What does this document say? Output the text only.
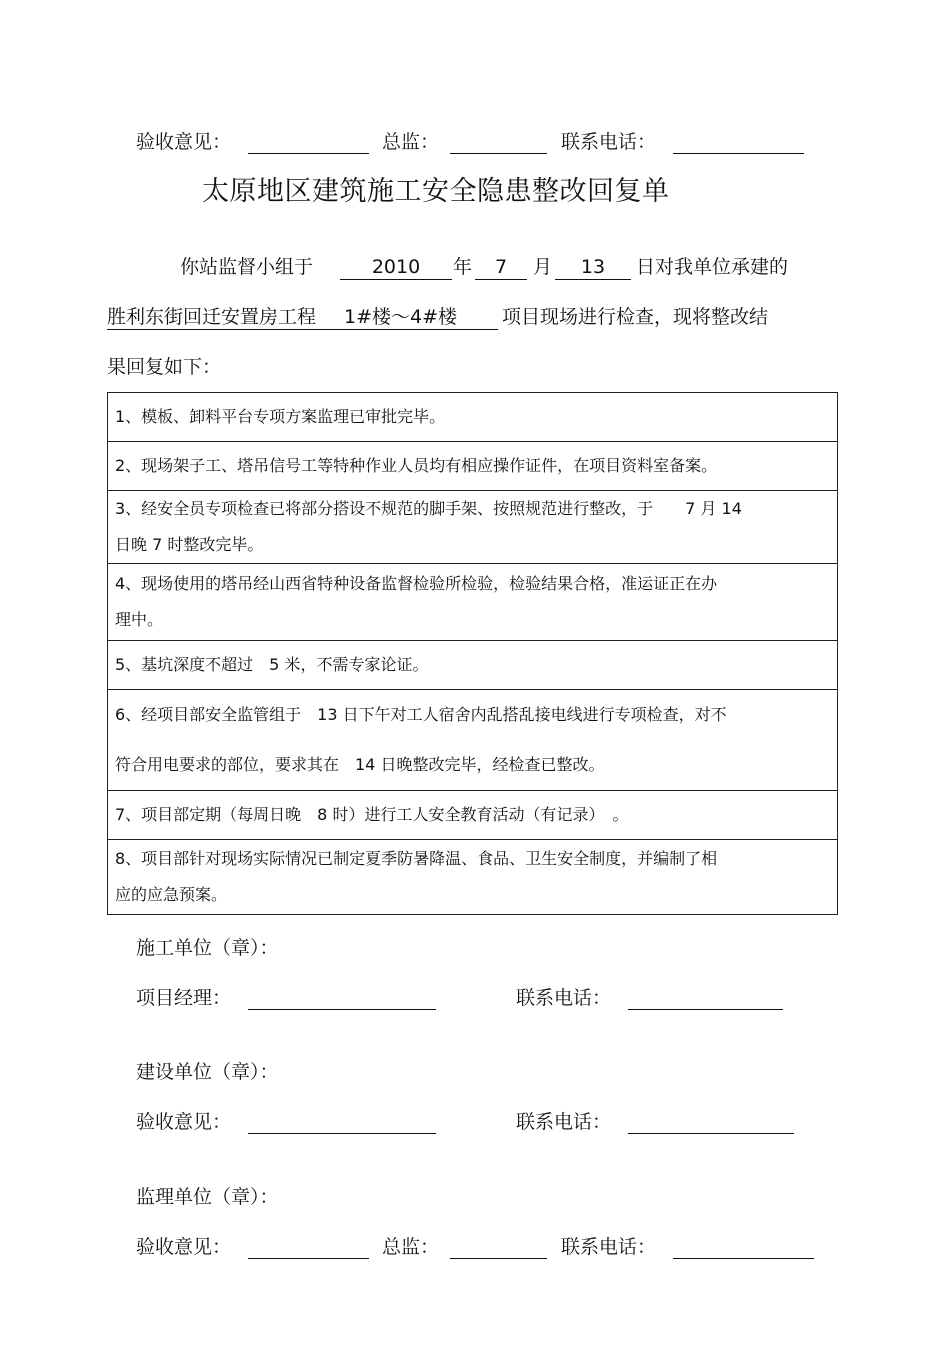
验收意见：	总监：	联系电话：
太原地区建筑施工安全隐患整改回复单
你站监督小组于	2010	年	7	月	13	日对我单位承建的
胜利东街回迁安置房工程 1#楼～4#楼	项目现场进行检查，现将整改结
果回复如下：
1、模板、卸料平台专项方案监理已审批完毕。

2、现场架子工、塔吊信号工等特种作业人员均有相应操作证件，在项目资料室备案。

3、经安全员专项检查已将部分搭设不规范的脚手架、按照规范进行整改，于　　7 月 14
日晚 7 时整改完毕。

4、现场使用的塔吊经山西省特种设备监督检验所检验，检验结果合格，准运证正在办
理中。

5、基坑深度不超过　5 米，不需专家论证。

6、经项目部安全监管组于　13 日下午对工人宿舍内乱搭乱接电线进行专项检查，对不
符合用电要求的部位，要求其在　14 日晚整改完毕，经检查已整改。

7、项目部定期（每周日晚　8 时）进行工人安全教育活动（有记录）　。

8、项目部针对现场实际情况已制定夏季防暑降温、食品、卫生安全制度，并编制了相
应的应急预案。
施工单位（章）：
项目经理：	联系电话：
建设单位（章）：
验收意见：	联系电话：
监理单位（章）：
验收意见：	总监：	联系电话：
